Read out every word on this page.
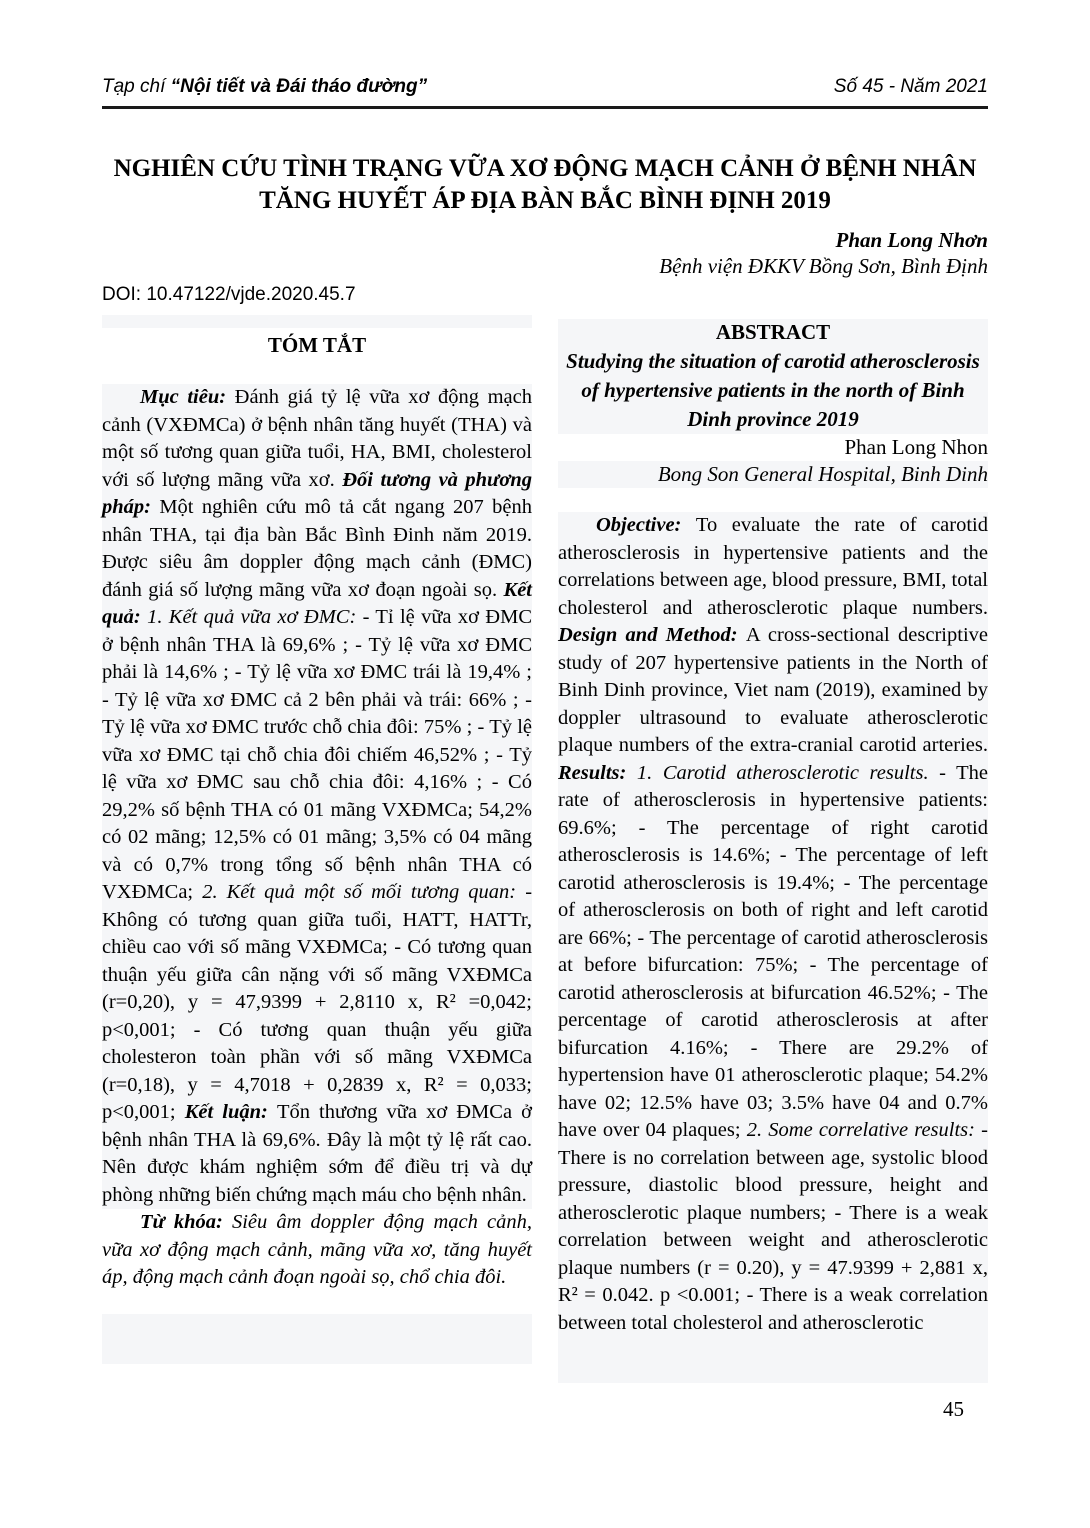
Tạp chí “Nội tiết và Đái tháo đường”	Số 45 - Năm 2021
NGHIÊN CỨU TÌNH TRẠNG VỮA XƠ ĐỘNG MẠCH CẢNH Ở BỆNH NHÂN TĂNG HUYẾT ÁP ĐỊA BÀN BẮC BÌNH ĐỊNH 2019
Phan Long Nhơn
Bệnh viện ĐKKV Bồng Sơn, Bình Định
DOI: 10.47122/vjde.2020.45.7
TÓM TẮT

Mục tiêu: Đánh giá tỷ lệ vữa xơ động mạch cảnh (VXĐMCa) ở bệnh nhân tăng huyết (THA) và một số tương quan giữa tuổi, HA, BMI, cholesterol với số lượng mãng vữa xơ. Đối tương và phương pháp: Một nghiên cứu mô tả cắt ngang 207 bệnh nhân THA, tại địa bàn Bắc Bình Đinh năm 2019. Được siêu âm doppler động mạch cảnh (ĐMC) đánh giá số lượng mãng vữa xơ đoạn ngoài sọ. Kết quả: 1. Kết quả vữa xơ ĐMC: - Tỉ lệ vữa xơ ĐMC ở bệnh nhân THA là 69,6% ; - Tỷ lệ vữa xơ ĐMC phải là 14,6% ; - Tỷ lệ vữa xơ ĐMC trái là 19,4% ; - Tỷ lệ vữa xơ ĐMC cả 2 bên phải và trái: 66% ; - Tỷ lệ vữa xơ ĐMC trước chỗ chia đôi: 75% ; - Tỷ lệ vữa xơ ĐMC tại chỗ chia đôi chiếm 46,52% ; - Tỷ lệ vữa xơ ĐMC sau chỗ chia đôi: 4,16% ; - Có 29,2% số bệnh THA có 01 mãng VXĐMCa; 54,2% có 02 mãng; 12,5% có 01 mãng; 3,5% có 04 mãng và có 0,7% trong tổng số bệnh nhân THA có VXĐMCa; 2. Kết quả một số mối tương quan: - Không có tương quan giữa tuổi, HATT, HATTr, chiều cao với số mãng VXĐMCa; - Có tương quan thuận yếu giữa cân nặng với số mãng VXĐMCa (r=0,20), y = 47,9399 + 2,8110 x, R² =0,042; p<0,001; - Có tương quan thuận yếu giữa cholesteron toàn phần với số mãng VXĐMCa (r=0,18), y = 4,7018 + 0,2839 x, R² = 0,033; p<0,001; Kết luận: Tổn thương vữa xơ ĐMCa ở bệnh nhân THA là 69,6%. Đây là một tỷ lệ rất cao. Nên được khám nghiệm sớm để điều trị và dự phòng những biến chứng mạch máu cho bệnh nhân.

Từ khóa: Siêu âm doppler động mạch cảnh, vữa xơ động mạch cảnh, mãng vữa xơ, tăng huyết áp, động mạch cảnh đoạn ngoài sọ, chổ chia đôi.

ABSTRACT
Studying the situation of carotid atherosclerosis of hypertensive patients in the north of Binh Dinh province 2019
Phan Long Nhon
Bong Son General Hospital, Binh Dinh

Objective: To evaluate the rate of carotid atherosclerosis in hypertensive patients and the correlations between age, blood pressure, BMI, total cholesterol and atherosclerotic plaque numbers. Design and Method: A cross-sectional descriptive study of 207 hypertensive patients in the North of Binh Dinh province, Viet nam (2019), examined by doppler ultrasound to evaluate atherosclerotic plaque numbers of the extra-cranial carotid arteries. Results: 1. Carotid atherosclerotic results. - The rate of atherosclerosis in hypertensive patients: 69.6%; - The percentage of right carotid atherosclerosis is 14.6%; - The percentage of left carotid atherosclerosis is 19.4%; - The percentage of atherosclerosis on both of right and left carotid are 66%; - The percentage of carotid atherosclerosis at before bifurcation: 75%; - The percentage of carotid atherosclerosis at bifurcation 46.52%; - The percentage of carotid atherosclerosis at after bifurcation 4.16%; - There are 29.2% of hypertension have 01 atherosclerotic plaque; 54.2% have 02; 12.5% have 03; 3.5% have 04 and 0.7% have over 04 plaques; 2. Some correlative results: - There is no correlation between age, systolic blood pressure, diastolic blood pressure, height and atherosclerotic plaque numbers; - There is a weak correlation between weight and atherosclerotic plaque numbers (r = 0.20), y = 47.9399 + 2,881 x, R² = 0.042. p <0.001; - There is a weak correlation between total cholesterol and atherosclerotic

45
